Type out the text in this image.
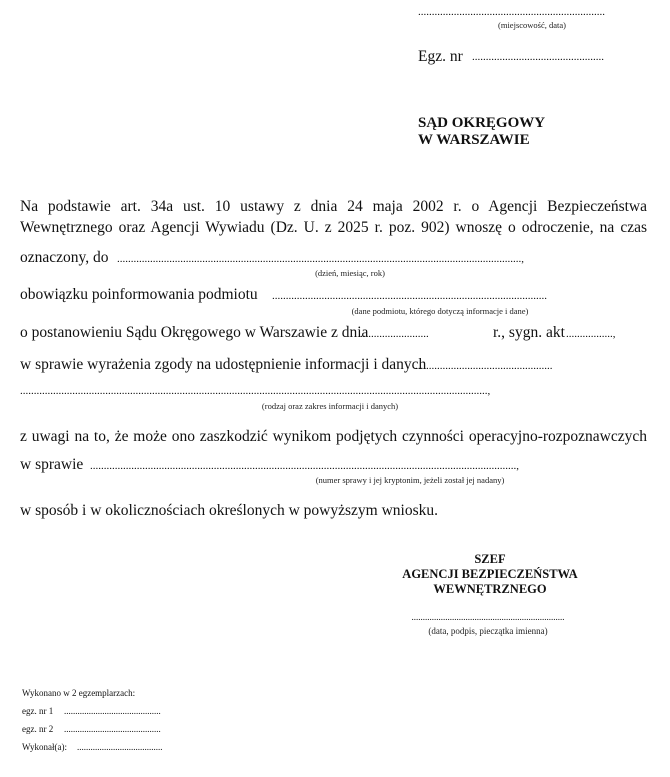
....................................................................
(miejscowość, data)
Egz. nr ................................................
SĄD OKRĘGOWY
W WARSZAWIE
Na podstawie art. 34a ust. 10 ustawy z dnia 24 maja 2002 r. o Agencji Bezpieczeństwa
Wewnętrznego oraz Agencji Wywiadu (Dz. U. z 2025 r. poz. 902) wnoszę o odroczenie, na czas
oznaczony, do ...................................................................................................................................................,
(dzień, miesiąc, rok)
obowiązku poinformowania podmiotu ....................................................................................................
(dane podmiotu, którego dotyczą informacje i dane)
o postanowieniu Sądu Okręgowego w Warszawie z dnia
.........................	r., sygn. akt .................,
w sprawie wyrażenia zgody na udostępnienie informacji i danych
..................................................
..........................................................................................................................................................................,
(rodzaj oraz zakres informacji i danych)
z uwagi na to, że może ono zaszkodzić wynikom podjętych czynności operacyjno-rozpoznawczych
w sprawie ...........................................................................................................................................................,
(numer sprawy i jej kryptonim, jeżeli został jej nadany)
w sposób i w okolicznościach określonych w powyższym wniosku.
SZEF
AGENCJI BEZPIECZEŃSTWA
WEWNĘTRZNEGO
....................................................................
(data, podpis, pieczątka imienna)
Wykonano w 2 egzemplarzach:
egz. nr 1 ...........................................
egz. nr 2 ...........................................
Wykonał(a): ......................................
